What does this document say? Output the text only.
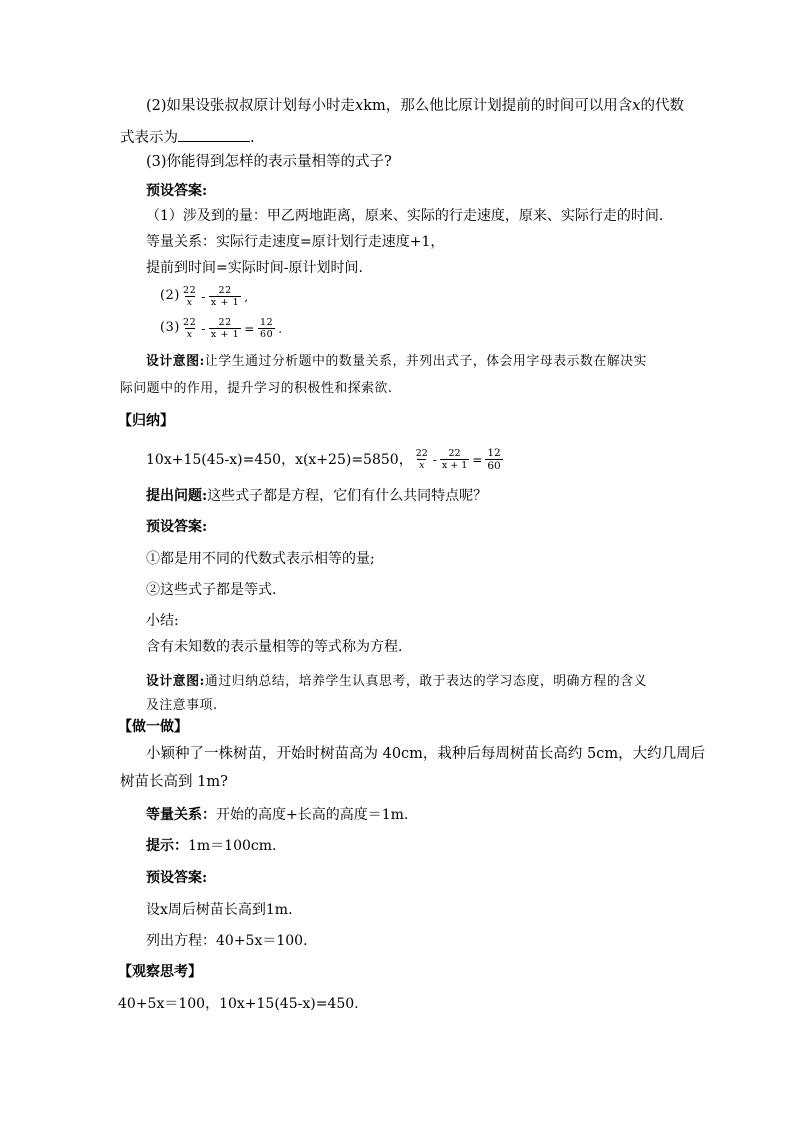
(2)如果设张叔叔原计划每小时走xkm，那么他比原计划提前的时间可以用含x的代数
式表示为	.
(3)你能得到怎样的表示量相等的式子?
预设答案:
（1）涉及到的量：甲乙两地距离，原来、实际的行走速度，原来、实际行走的时间.
等量关系：实际行走速度=原计划行走速度+1，
提前到时间=实际时间-原计划时间.
$(2) \frac{22}{x} - \frac{22}{x + 1}$ ,
$(3) \frac{22}{x} - \frac{22}{x + 1} = \frac{12}{60}$ .
设计意图:让学生通过分析题中的数量关系，并列出式子，体会用字母表示数在解决实
际问题中的作用，提升学习的积极性和探索欲.
【归纳】
10x+15(45-x)=450，x(x+25)=5850， $\frac{22}{x} - \frac{22}{x + 1} = \frac{12}{60}$
提出问题:这些式子都是方程，它们有什么共同特点呢？
预设答案:
①都是用不同的代数式表示相等的量;
②这些式子都是等式.
小结:
含有未知数的表示量相等的等式称为方程.
设计意图:通过归纳总结，培养学生认真思考，敢于表达的学习态度，明确方程的含义
及注意事项.
【做一做】
小颖种了一株树苗，开始时树苗高为 40cm，栽种后每周树苗长高约 5cm，大约几周后
树苗长高到 1m?
等量关系：开始的高度+长高的高度＝1m.
提示：1m＝100cm.
预设答案:
设x周后树苗长高到1m.
列出方程：40+5x＝100.
【观察思考】
40+5x＝100，10x+15(45-x)=450.
